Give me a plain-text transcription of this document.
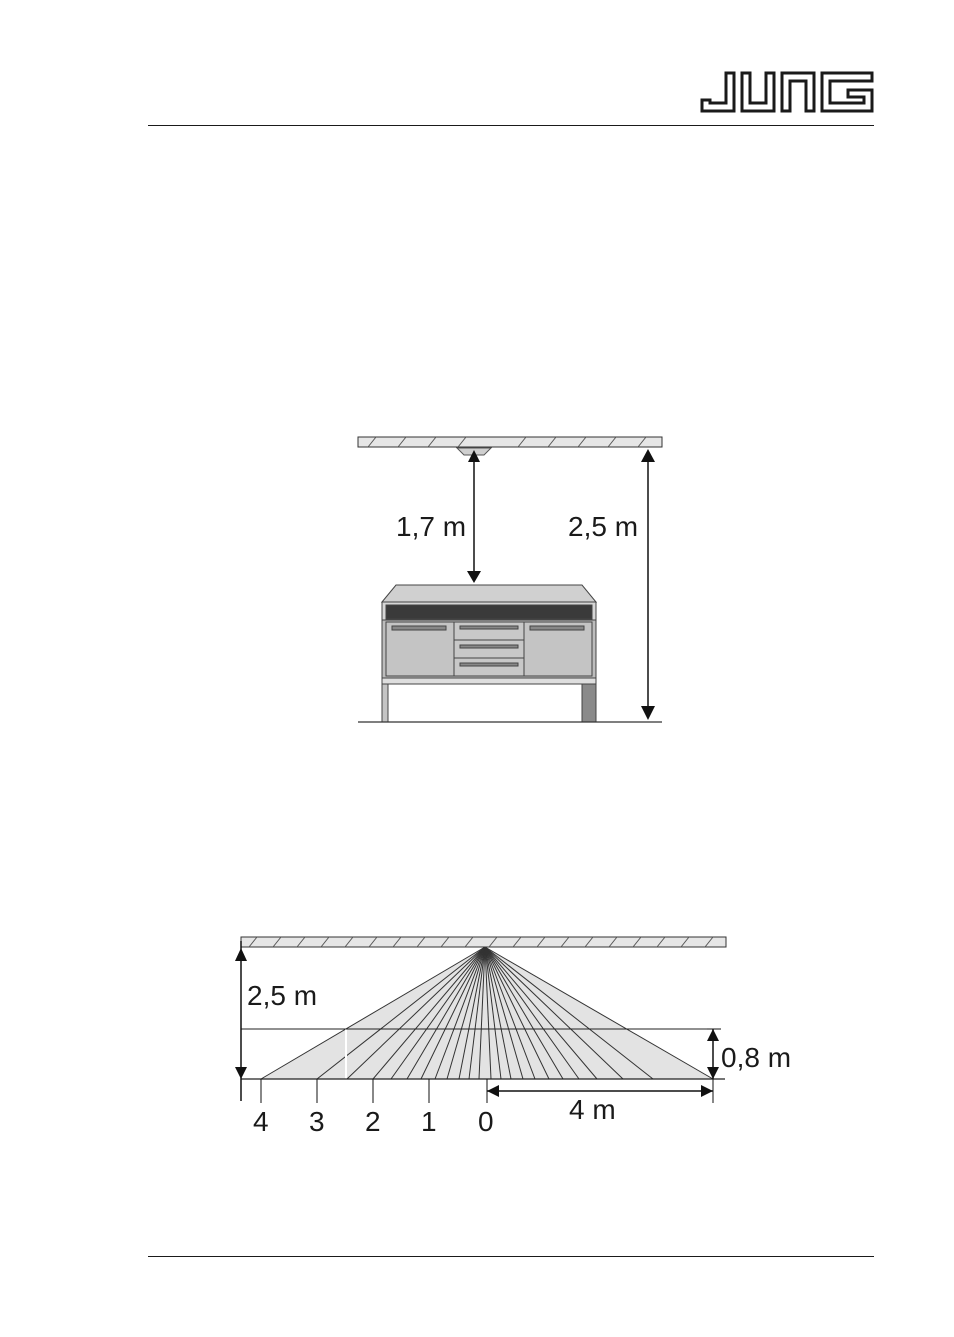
1,7 m	2,5 m
2,5 m
0,8 m
4 m
4 3 2 1 0
